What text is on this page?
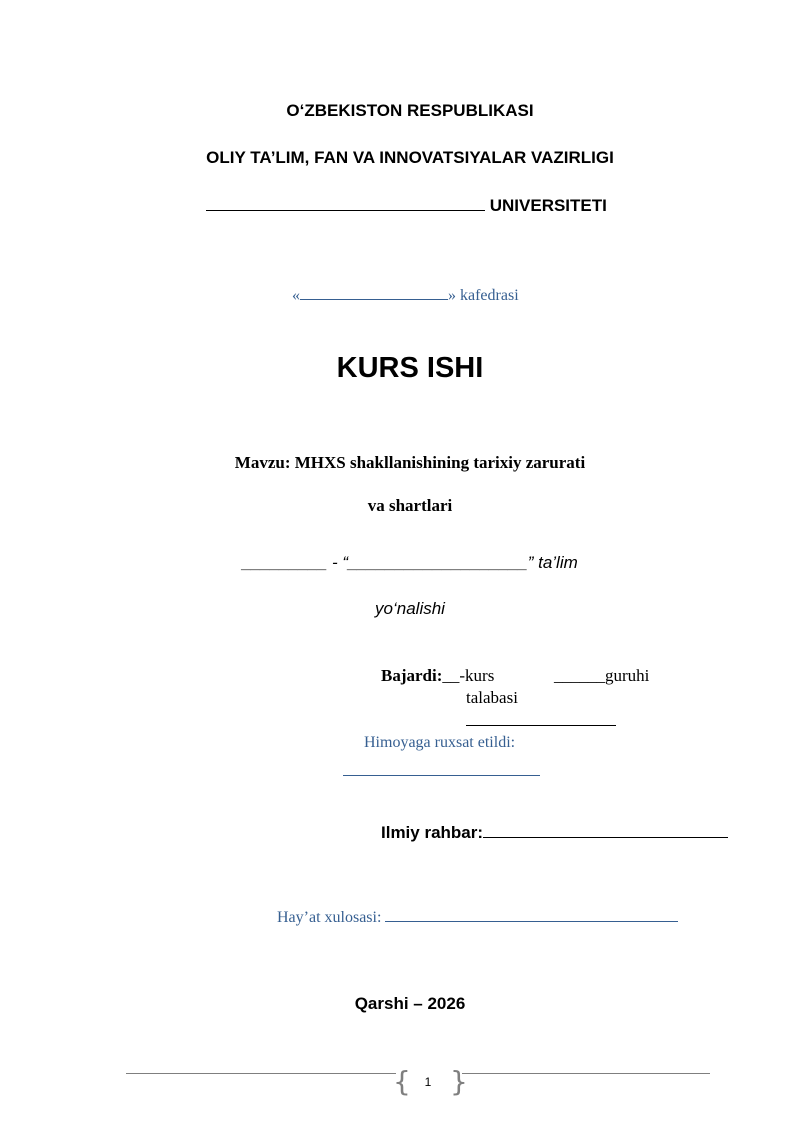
O‘ZBEKISTON RESPUBLIKASI
OLIY TA’LIM, FAN VA INNOVATSIYALAR VAZIRLIGI
UNIVERSITETI
«	» kafedrasi
KURS ISHI
Mavzu: MHXS shakllanishining tarixiy zarurati
va shartlari
_________ - “___________________” ta’lim
yo‘nalishi
Bajardi:__-kurs	______guruhi
talabasi
Himoyaga ruxsat etildi:
Ilmiy rahbar:
Hay’at xulosasi:
Qarshi – 2026
{ }
1
